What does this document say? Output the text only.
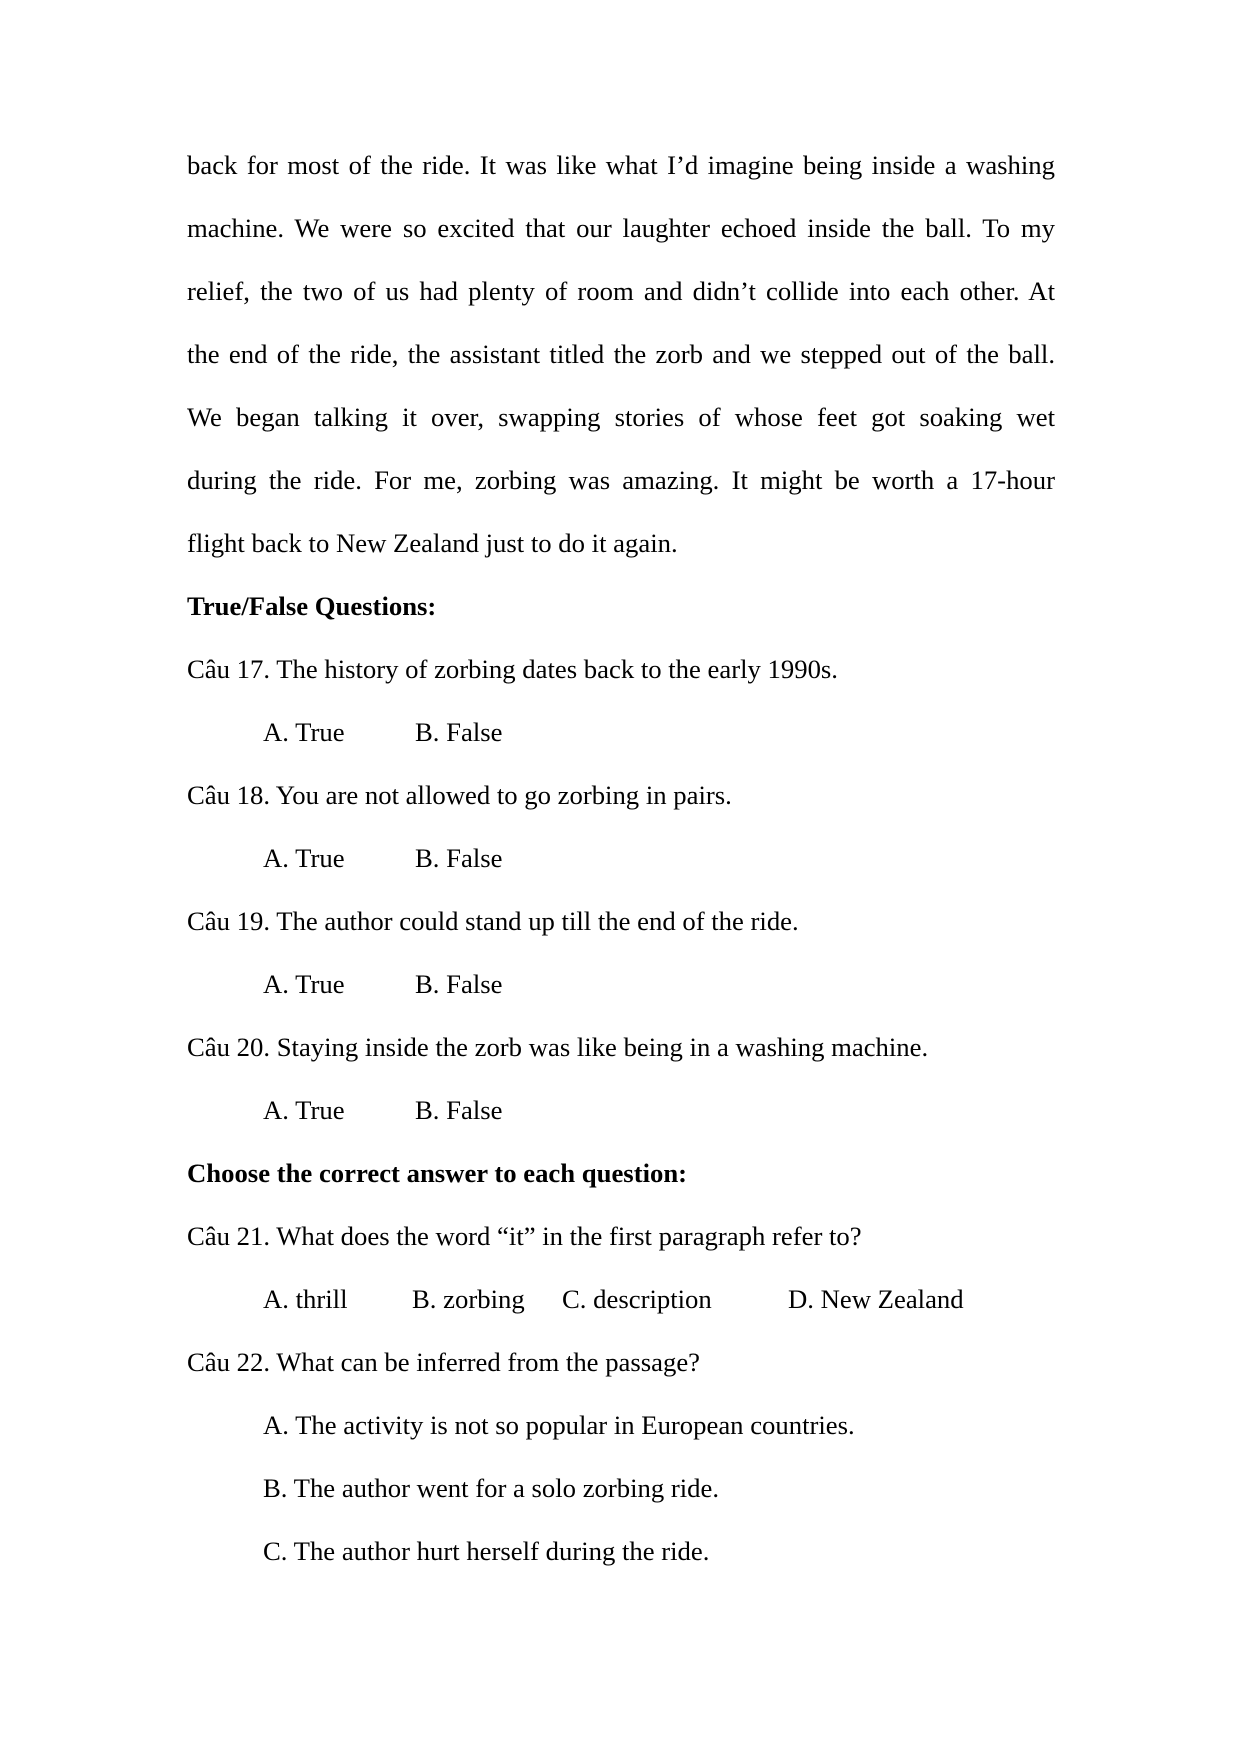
back for most of the ride. It was like what I’d imagine being inside a washing
machine. We were so excited that our laughter echoed inside the ball. To my
relief, the two of us had plenty of room and didn’t collide into each other. At
the end of the ride, the assistant titled the zorb and we stepped out of the ball.
We began talking it over, swapping stories of whose feet got soaking wet
during the ride. For me, zorbing was amazing. It might be worth a 17-hour
flight back to New Zealand just to do it again.
True/False Questions:
Câu 17. The history of zorbing dates back to the early 1990s.
A. True	B. False
Câu 18. You are not allowed to go zorbing in pairs.
A. True	B. False
Câu 19. The author could stand up till the end of the ride.
A. True	B. False
Câu 20. Staying inside the zorb was like being in a washing machine.
A. True	B. False
Choose the correct answer to each question:
Câu 21. What does the word “it” in the first paragraph refer to?
A. thrill B. zorbing C. description	D. New Zealand
Câu 22. What can be inferred from the passage?
A. The activity is not so popular in European countries.
B. The author went for a solo zorbing ride.
C. The author hurt herself during the ride.
